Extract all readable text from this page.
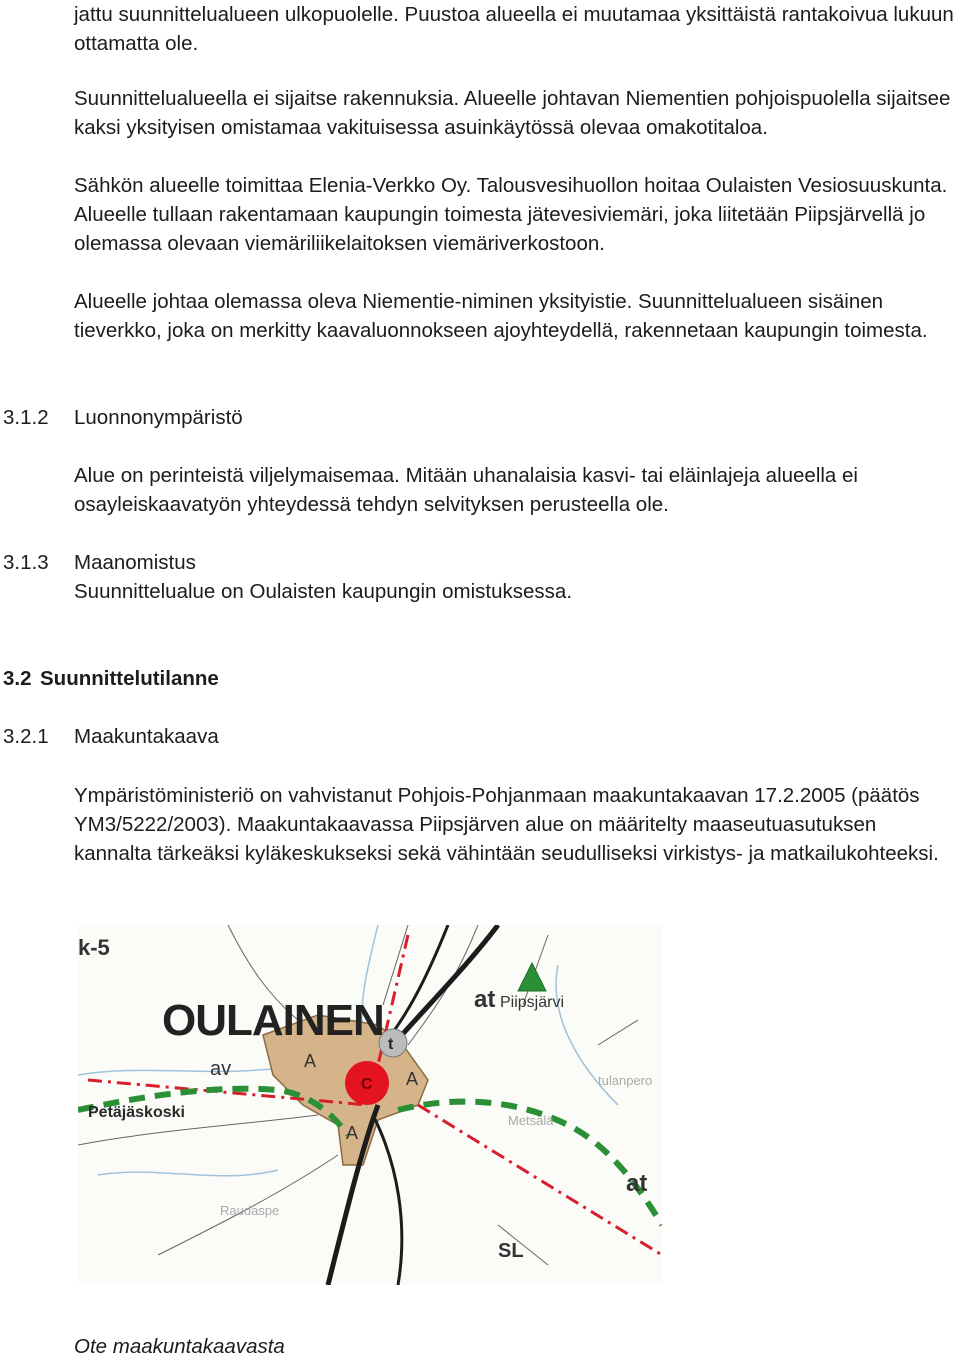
jattu suunnittelualueen ulkopuolelle. Puustoa alueella ei muutamaa yksittäistä rantakoivua lukuun ottamatta ole.

Suunnittelualueella ei sijaitse rakennuksia. Alueelle johtavan Niementien pohjoispuolella sijaitsee kaksi yksityisen omistamaa vakituisessa asuinkäytössä olevaa omakotitaloa.

Sähkön alueelle toimittaa Elenia-Verkko Oy. Talousvesihuollon hoitaa Oulaisten Vesiosuuskunta. Alueelle tullaan rakentamaan kaupungin toimesta jätevesiviemäri, joka liitetään Piipsjärvellä jo olemassa olevaan viemäriliikelaitoksen viemäriverkostoon.

Alueelle johtaa olemassa oleva Niementie-niminen yksityistie. Suunnittelualueen sisäinen tieverkko, joka on merkitty kaavaluonnokseen ajoyhteydellä, rakennetaan kaupungin toimesta.

3.1.2 Luonnonympäristö

Alue on perinteistä viljelymaisemaa. Mitään uhanalaisia kasvi- tai eläinlajeja alueella ei osayleiskaavatyön yhteydessä tehdyn selvityksen perusteella ole.

3.1.3 Maanomistus

Suunnittelualue on Oulaisten kaupungin omistuksessa.

3.2 Suunnittelutilanne
3.2.1 Maakuntakaava

Ympäristöministeriö on vahvistanut Pohjois-Pohjanmaan maakuntakaavan 17.2.2005 (päätös YM3/5222/2003). Maakuntakaavassa Piipsjärven alue on määritelty maaseutuasutuksen kannalta tärkeäksi kyläkeskukseksi sekä vähintään seudulliseksi virkistys- ja matkailukohteeksi.

k-5
OULAINEN
av
Petäjäskoski
at Piipsjärvi
t
C
A
A
A
at
SL
Raudaspe
Metsälä
tulanpero

Ote maakuntakaavasta
